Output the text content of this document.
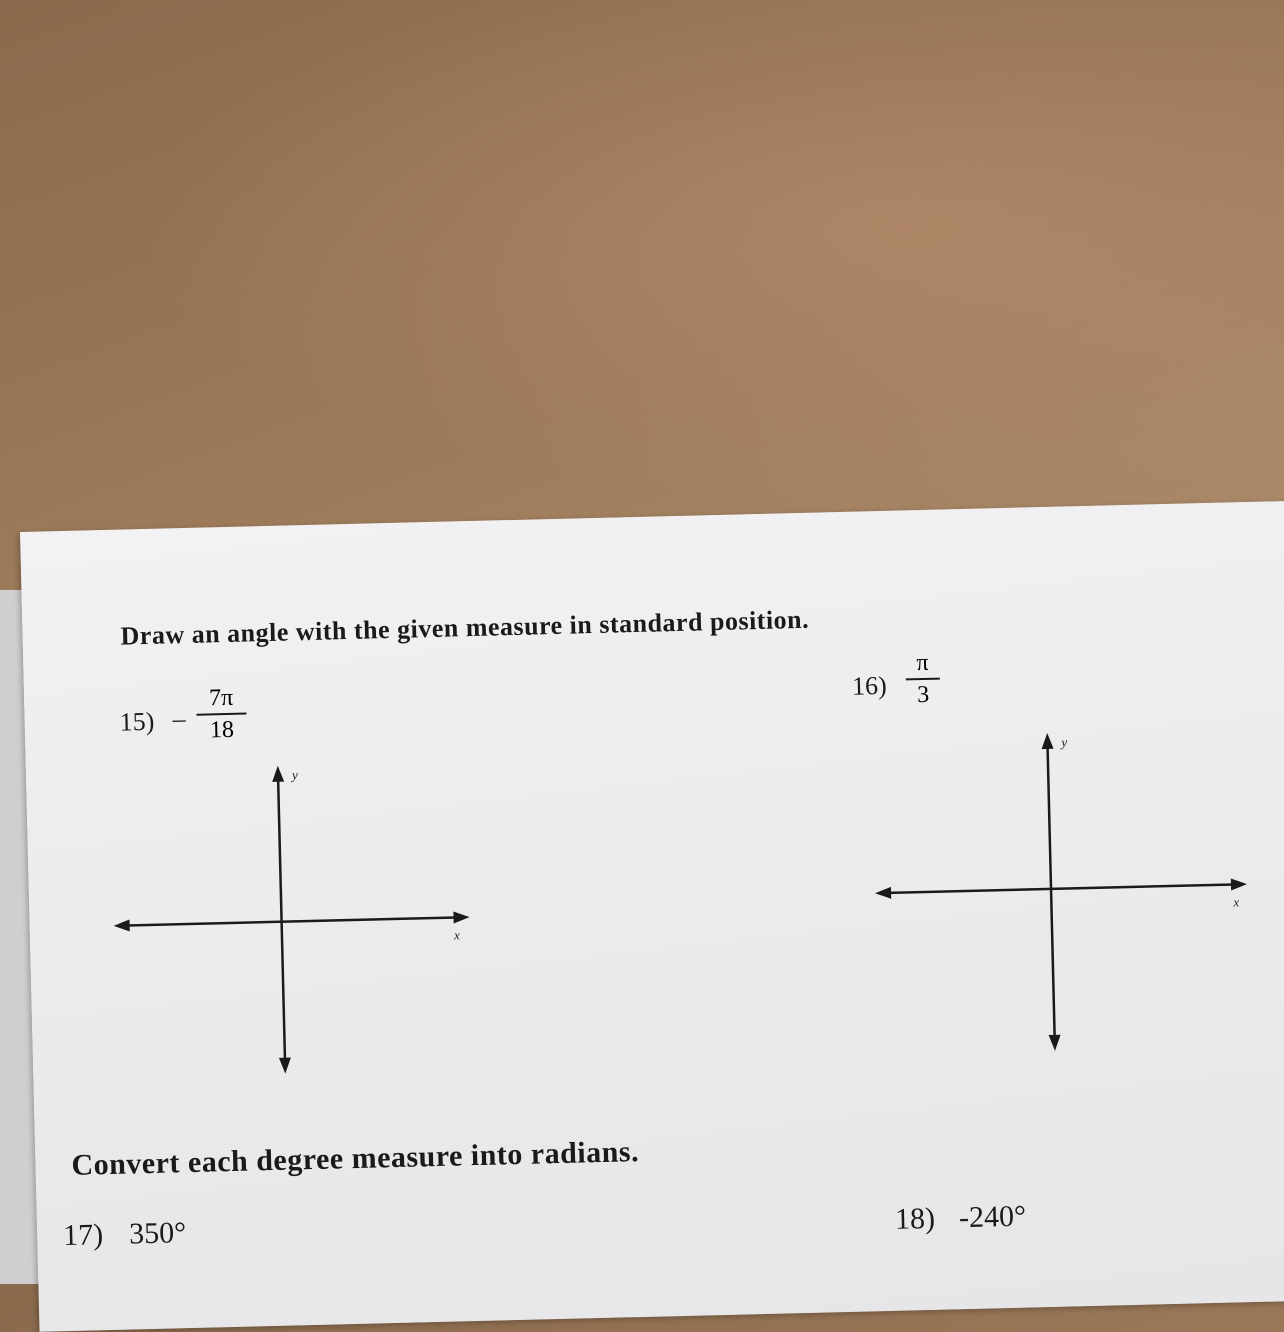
Draw an angle with the given measure in standard position.
15) –
7π
18
x
y
16)
π
3
x
y
Convert each degree measure into radians.
17) 350°	18) -240°
